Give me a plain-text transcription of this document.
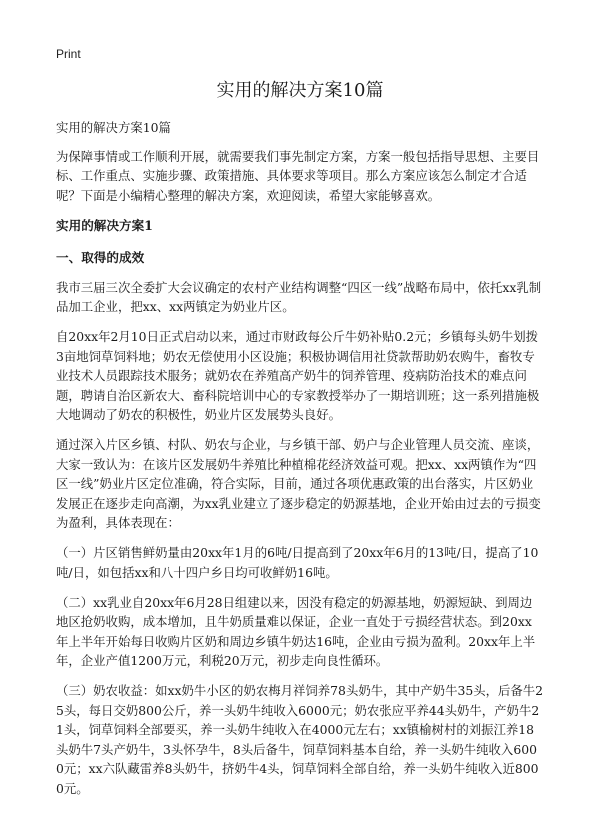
Print
实用的解决方案10篇

实用的解决方案10篇

为保障事情或工作顺利开展，就需要我们事先制定方案，方案一般包括指导思想、主要目标、工作重点、实施步骤、政策措施、具体要求等项目。那么方案应该怎么制定才合适呢？下面是小编精心整理的解决方案，欢迎阅读，希望大家能够喜欢。

实用的解决方案1
一、取得的成效

我市三届三次全委扩大会议确定的农村产业结构调整“四区一线”战略布局中，依托xx乳制品加工企业，把xx、xx两镇定为奶业片区。

自20xx年2月10日正式启动以来，通过市财政每公斤牛奶补贴0.2元；乡镇每头奶牛划拨3亩地饲草饲料地；奶农无偿使用小区设施；积极协调信用社贷款帮助奶农购牛，畜牧专业技术人员跟踪技术服务；就奶农在养殖高产奶牛的饲养管理、疫病防治技术的难点问题，聘请自治区新农大、畜科院培训中心的专家教授举办了一期培训班；这一系列措施极大地调动了奶农的积极性，奶业片区发展势头良好。

通过深入片区乡镇、村队、奶农与企业，与乡镇干部、奶户与企业管理人员交流、座谈，大家一致认为：在该片区发展奶牛养殖比种植棉花经济效益可观。把xx、xx两镇作为“四区一线”奶业片区定位准确，符合实际，目前，通过各项优惠政策的出台落实，片区奶业发展正在逐步走向高潮，为xx乳业建立了逐步稳定的奶源基地，企业开始由过去的亏损变为盈利，具体表现在：

（一）片区销售鲜奶量由20xx年1月的6吨/日提高到了20xx年6月的13吨/日，提高了10吨/日，如包括xx和八十四户乡日均可收鲜奶16吨。

（二）xx乳业自20xx年6月28日组建以来，因没有稳定的奶源基地，奶源短缺、到周边地区抢奶收购，成本增加，且牛奶质量难以保证，企业一直处于亏损经营状态。到20xx年上半年开始每日收购片区奶和周边乡镇牛奶达16吨，企业由亏损为盈利。20xx年上半年，企业产值1200万元，利税20万元，初步走向良性循环。

（三）奶农收益：如xx奶牛小区的奶农梅月祥饲养78头奶牛，其中产奶牛35头，后备牛25头，每日交奶800公斤，养一头奶牛纯收入6000元；奶农张应平养44头奶牛，产奶牛21头，饲草饲料全部要买，养一头奶牛纯收入在4000元左右；xx镇榆树村的刘振江养18头奶牛7头产奶牛，3头怀孕牛，8头后备牛，饲草饲料基本自给，养一头奶牛纯收入6000元；xx六队藏雷养8头奶牛，挤奶牛4头，饲草饲料全部自给，养一头奶牛纯收入近8000元。
